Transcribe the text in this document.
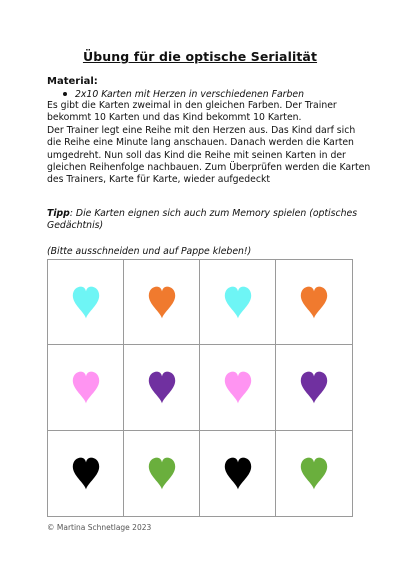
Übung für die optische Serialität
Material:
2x10 Karten mit Herzen in verschiedenen Farben
Es gibt die Karten zweimal in den gleichen Farben. Der Trainer
bekommt 10 Karten und das Kind bekommt 10 Karten.
Der Trainer legt eine Reihe mit den Herzen aus. Das Kind darf sich
die Reihe eine Minute lang anschauen. Danach werden die Karten
umgedreht. Nun soll das Kind die Reihe mit seinen Karten in der
gleichen Reihenfolge nachbauen. Zum Überprüfen werden die Karten
des Trainers, Karte für Karte, wieder aufgedeckt
Tipp: Die Karten eignen sich auch zum Memory spielen (optisches
Gedächtnis)
(Bitte ausschneiden und auf Pappe kleben!)
© Martina Schnetlage 2023
